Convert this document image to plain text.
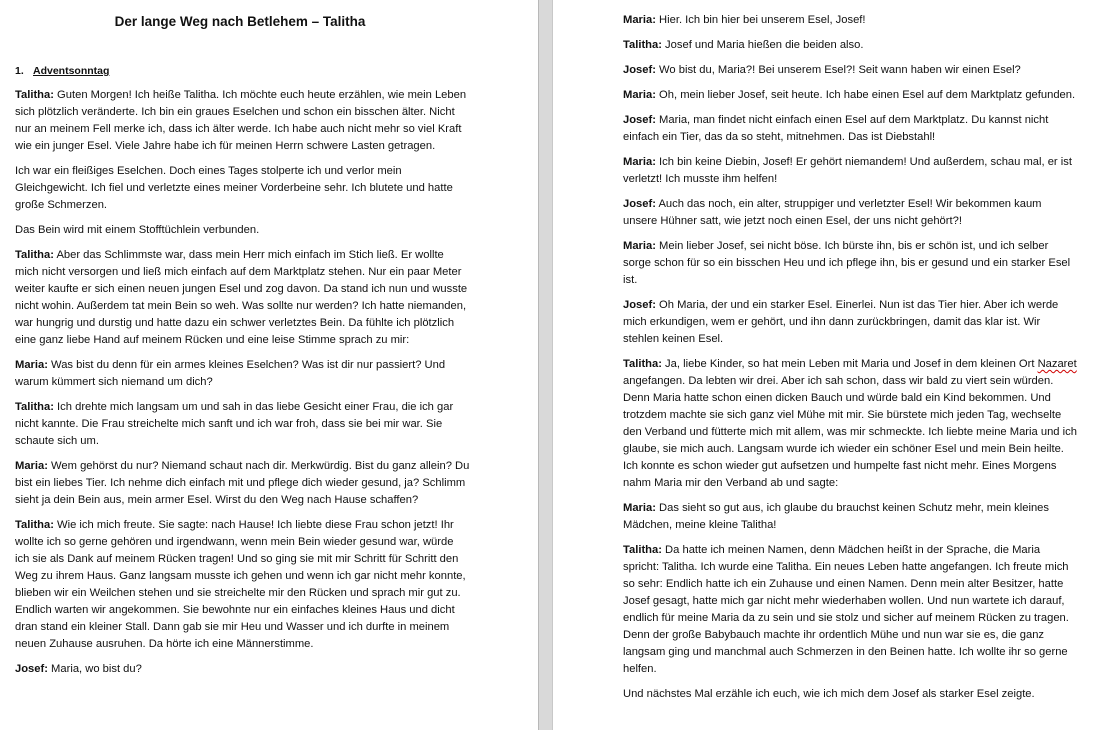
Der lange Weg nach Betlehem – Talitha
1. Adventsonntag

Talitha: Guten Morgen! Ich heiße Talitha. Ich möchte euch heute erzählen, wie mein Leben sich plötzlich veränderte. Ich bin ein graues Eselchen und schon ein bisschen älter. Nicht nur an meinem Fell merke ich, dass ich älter werde. Ich habe auch nicht mehr so viel Kraft wie ein junger Esel. Viele Jahre habe ich für meinen Herrn schwere Lasten getragen.

Ich war ein fleißiges Eselchen. Doch eines Tages stolperte ich und verlor mein Gleichgewicht. Ich fiel und verletzte eines meiner Vorderbeine sehr. Ich blutete und hatte große Schmerzen.

Das Bein wird mit einem Stofftüchlein verbunden.

Talitha: Aber das Schlimmste war, dass mein Herr mich einfach im Stich ließ. Er wollte mich nicht versorgen und ließ mich einfach auf dem Marktplatz stehen. Nur ein paar Meter weiter kaufte er sich einen neuen jungen Esel und zog davon. Da stand ich nun und wusste nicht wohin. Außerdem tat mein Bein so weh. Was sollte nur werden? Ich hatte niemanden, war hungrig und durstig und hatte dazu ein schwer verletztes Bein. Da fühlte ich plötzlich eine ganz liebe Hand auf meinem Rücken und eine leise Stimme sprach zu mir:

Maria: Was bist du denn für ein armes kleines Eselchen? Was ist dir nur passiert? Und warum kümmert sich niemand um dich?

Talitha: Ich drehte mich langsam um und sah in das liebe Gesicht einer Frau, die ich gar nicht kannte. Die Frau streichelte mich sanft und ich war froh, dass sie bei mir war. Sie schaute sich um.

Maria: Wem gehörst du nur? Niemand schaut nach dir. Merkwürdig. Bist du ganz allein? Du bist ein liebes Tier. Ich nehme dich einfach mit und pflege dich wieder gesund, ja? Schlimm sieht ja dein Bein aus, mein armer Esel. Wirst du den Weg nach Hause schaffen?

Talitha: Wie ich mich freute. Sie sagte: nach Hause! Ich liebte diese Frau schon jetzt! Ihr wollte ich so gerne gehören und irgendwann, wenn mein Bein wieder gesund war, würde ich sie als Dank auf meinem Rücken tragen! Und so ging sie mit mir Schritt für Schritt den Weg zu ihrem Haus. Ganz langsam musste ich gehen und wenn ich gar nicht mehr konnte, blieben wir ein Weilchen stehen und sie streichelte mir den Rücken und sprach mir gut zu. Endlich warten wir angekommen. Sie bewohnte nur ein einfaches kleines Haus und dicht dran stand ein kleiner Stall. Dann gab sie mir Heu und Wasser und ich durfte in meinem neuen Zuhause ausruhen. Da hörte ich eine Männerstimme.

Josef: Maria, wo bist du?

Maria: Hier. Ich bin hier bei unserem Esel, Josef!

Talitha: Josef und Maria hießen die beiden also.

Josef: Wo bist du, Maria?! Bei unserem Esel?! Seit wann haben wir einen Esel?

Maria: Oh, mein lieber Josef, seit heute. Ich habe einen Esel auf dem Marktplatz gefunden.

Josef: Maria, man findet nicht einfach einen Esel auf dem Marktplatz. Du kannst nicht einfach ein Tier, das da so steht, mitnehmen. Das ist Diebstahl!

Maria: Ich bin keine Diebin, Josef! Er gehört niemandem! Und außerdem, schau mal, er ist verletzt! Ich musste ihm helfen!

Josef: Auch das noch, ein alter, struppiger und verletzter Esel! Wir bekommen kaum unsere Hühner satt, wie jetzt noch einen Esel, der uns nicht gehört?!

Maria: Mein lieber Josef, sei nicht böse. Ich bürste ihn, bis er schön ist, und ich selber sorge schon für so ein bisschen Heu und ich pflege ihn, bis er gesund und ein starker Esel ist.

Josef: Oh Maria, der und ein starker Esel. Einerlei. Nun ist das Tier hier. Aber ich werde mich erkundigen, wem er gehört, und ihn dann zurückbringen, damit das klar ist. Wir stehlen keinen Esel.

Talitha: Ja, liebe Kinder, so hat mein Leben mit Maria und Josef in dem kleinen Ort Nazaret angefangen. Da lebten wir drei. Aber ich sah schon, dass wir bald zu viert sein würden. Denn Maria hatte schon einen dicken Bauch und würde bald ein Kind bekommen. Und trotzdem machte sie sich ganz viel Mühe mit mir. Sie bürstete mich jeden Tag, wechselte den Verband und fütterte mich mit allem, was mir schmeckte. Ich liebte meine Maria und ich glaube, sie mich auch. Langsam wurde ich wieder ein schöner Esel und mein Bein heilte. Ich konnte es schon wieder gut aufsetzen und humpelte fast nicht mehr. Eines Morgens nahm Maria mir den Verband ab und sagte:

Maria: Das sieht so gut aus, ich glaube du brauchst keinen Schutz mehr, mein kleines Mädchen, meine kleine Talitha!

Talitha: Da hatte ich meinen Namen, denn Mädchen heißt in der Sprache, die Maria spricht: Talitha. Ich wurde eine Talitha. Ein neues Leben hatte angefangen. Ich freute mich so sehr: Endlich hatte ich ein Zuhause und einen Namen. Denn mein alter Besitzer, hatte Josef gesagt, hatte mich gar nicht mehr wiederhaben wollen. Und nun wartete ich darauf, endlich für meine Maria da zu sein und sie stolz und sicher auf meinem Rücken zu tragen. Denn der große Babybauch machte ihr ordentlich Mühe und nun war sie es, die ganz langsam ging und manchmal auch Schmerzen in den Beinen hatte. Ich wollte ihr so gerne helfen.

Und nächstes Mal erzähle ich euch, wie ich mich dem Josef als starker Esel zeigte.
